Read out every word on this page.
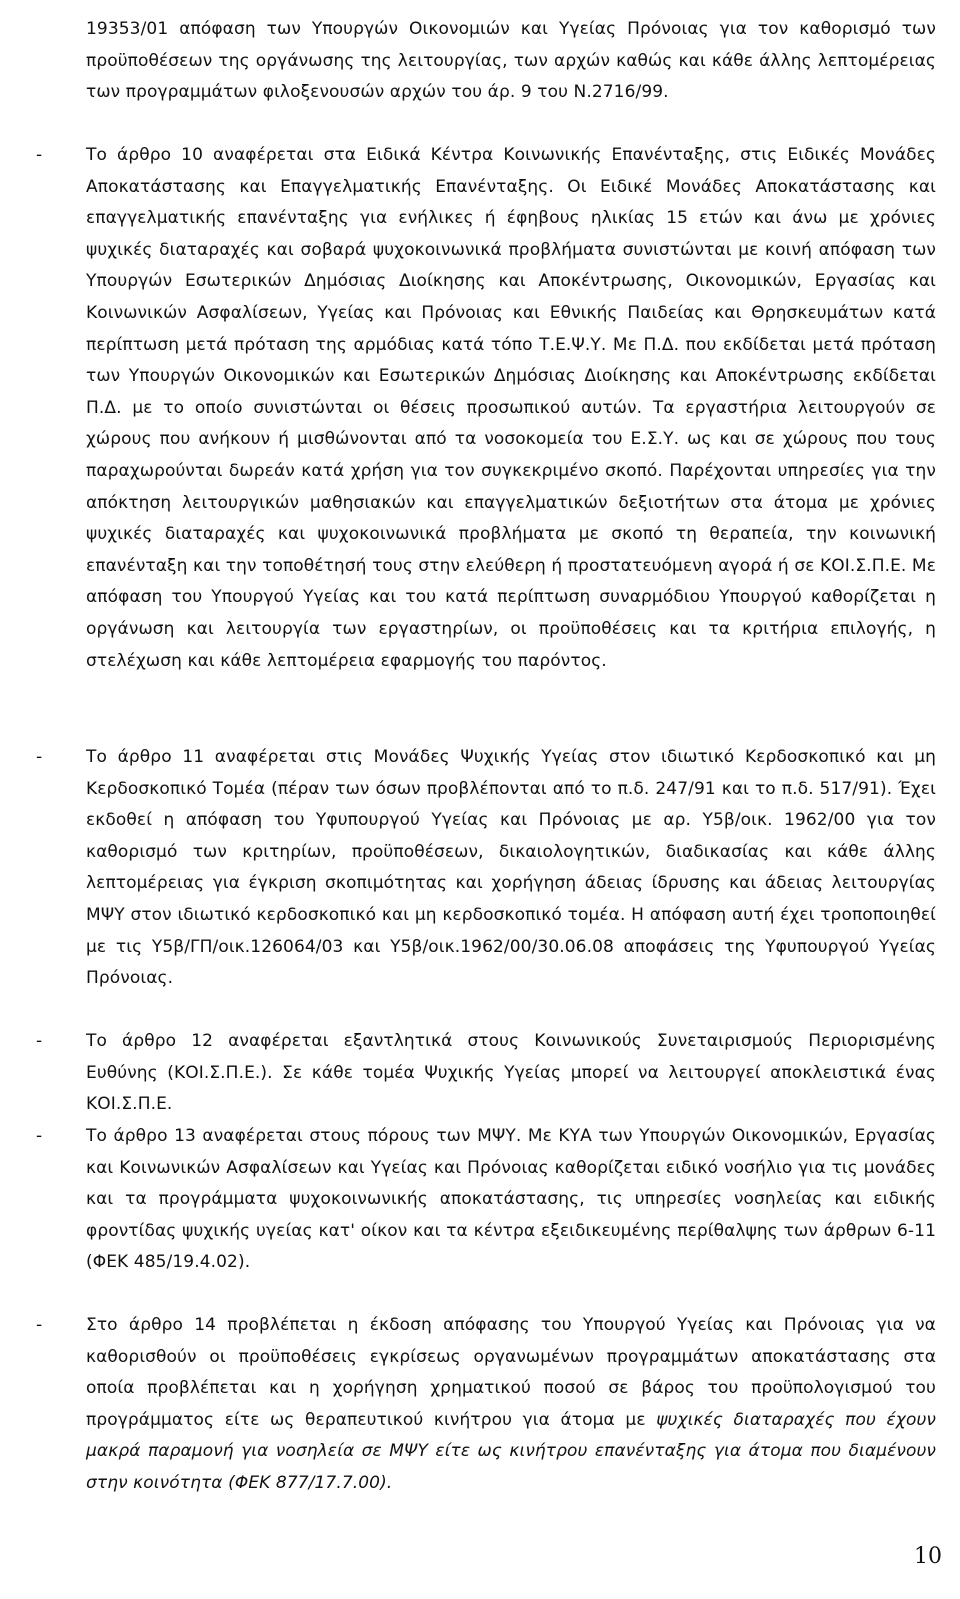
19353/01 απόφαση των Υπουργών Οικονομιών και Υγείας Πρόνοιας για τον καθορισμό των προϋποθέσεων της οργάνωσης της λειτουργίας, των αρχών καθώς και κάθε άλλης λεπτομέρειας των προγραμμάτων φιλοξενουσών αρχών του άρ. 9 του Ν.2716/99.

-	Το άρθρο 10 αναφέρεται στα Ειδικά Κέντρα Κοινωνικής Επανένταξης, στις Ειδικές Μονάδες Αποκατάστασης και Επαγγελματικής Επανένταξης. Οι Ειδικέ Μονάδες Αποκατάστασης και επαγγελματικής επανένταξης για ενήλικες ή έφηβους ηλικίας 15 ετών και άνω με χρόνιες ψυχικές διαταραχές και σοβαρά ψυχοκοινωνικά προβλήματα συνιστώνται με κοινή απόφαση των Υπουργών Εσωτερικών Δημόσιας Διοίκησης και Αποκέντρωσης, Οικονομικών, Εργασίας και Κοινωνικών Ασφαλίσεων, Υγείας και Πρόνοιας και Εθνικής Παιδείας και Θρησκευμάτων κατά περίπτωση μετά πρόταση της αρμόδιας κατά τόπο Τ.Ε.Ψ.Υ. Με Π.Δ. που εκδίδεται μετά πρόταση των Υπουργών Οικονομικών και Εσωτερικών Δημόσιας Διοίκησης και Αποκέντρωσης εκδίδεται Π.Δ. με το οποίο συνιστώνται οι θέσεις προσωπικού αυτών. Τα εργαστήρια λειτουργούν σε χώρους που ανήκουν ή μισθώνονται από τα νοσοκομεία του Ε.Σ.Υ. ως και σε χώρους που τους παραχωρούνται δωρεάν κατά χρήση για τον συγκεκριμένο σκοπό. Παρέχονται υπηρεσίες για την απόκτηση λειτουργικών μαθησιακών και επαγγελματικών δεξιοτήτων στα άτομα με χρόνιες ψυχικές διαταραχές και ψυχοκοινωνικά προβλήματα με σκοπό τη θεραπεία, την κοινωνική επανένταξη και την τοποθέτησή τους στην ελεύθερη ή προστατευόμενη αγορά ή σε ΚΟΙ.Σ.Π.Ε. Με απόφαση του Υπουργού Υγείας και του κατά περίπτωση συναρμόδιου Υπουργού καθορίζεται η οργάνωση και λειτουργία των εργαστηρίων, οι προϋποθέσεις και τα κριτήρια επιλογής, η στελέχωση και κάθε λεπτομέρεια εφαρμογής του παρόντος.

-	Το άρθρο 11 αναφέρεται στις Μονάδες Ψυχικής Υγείας στον ιδιωτικό Κερδοσκοπικό και μη Κερδοσκοπικό Τομέα (πέραν των όσων προβλέπονται από το π.δ. 247/91 και το π.δ. 517/91). Έχει εκδοθεί η απόφαση του Υφυπουργού Υγείας και Πρόνοιας με αρ. Υ5β/οικ. 1962/00 για τον καθορισμό των κριτηρίων, προϋποθέσεων, δικαιολογητικών, διαδικασίας και κάθε άλλης λεπτομέρειας για έγκριση σκοπιμότητας και χορήγηση άδειας ίδρυσης και άδειας λειτουργίας ΜΨΥ στον ιδιωτικό κερδοσκοπικό και μη κερδοσκοπικό τομέα. Η απόφαση αυτή έχει τροποποιηθεί με τις Υ5β/ΓΠ/οικ.126064/03 και Υ5β/οικ.1962/00/30.06.08 αποφάσεις της Υφυπουργού Υγείας Πρόνοιας.

-	Το άρθρο 12 αναφέρεται εξαντλητικά στους Κοινωνικούς Συνεταιρισμούς Περιορισμένης Ευθύνης (ΚΟΙ.Σ.Π.Ε.). Σε κάθε τομέα Ψυχικής Υγείας μπορεί να λειτουργεί αποκλειστικά ένας ΚΟΙ.Σ.Π.Ε.

-	Το άρθρο 13 αναφέρεται στους πόρους των ΜΨΥ. Με ΚΥΑ των Υπουργών Οικονομικών, Εργασίας και Κοινωνικών Ασφαλίσεων και Υγείας και Πρόνοιας καθορίζεται ειδικό νοσήλιο για τις μονάδες και τα προγράμματα ψυχοκοινωνικής αποκατάστασης, τις υπηρεσίες νοσηλείας και ειδικής φροντίδας ψυχικής υγείας κατ' οίκον και τα κέντρα εξειδικευμένης περίθαλψης των άρθρων 6-11 (ΦΕΚ 485/19.4.02).

-	Στο άρθρο 14 προβλέπεται η έκδοση απόφασης του Υπουργού Υγείας και Πρόνοιας για να καθορισθούν οι προϋποθέσεις εγκρίσεως οργανωμένων προγραμμάτων αποκατάστασης στα οποία προβλέπεται και η χορήγηση χρηματικού ποσού σε βάρος του προϋπολογισμού του προγράμματος είτε ως θεραπευτικού κινήτρου για άτομα με ψυχικές διαταραχές που έχουν μακρά παραμονή για νοσηλεία σε ΜΨΥ είτε ως κινήτρου επανένταξης για άτομα που διαμένουν στην κοινότητα (ΦΕΚ 877/17.7.00).

10
